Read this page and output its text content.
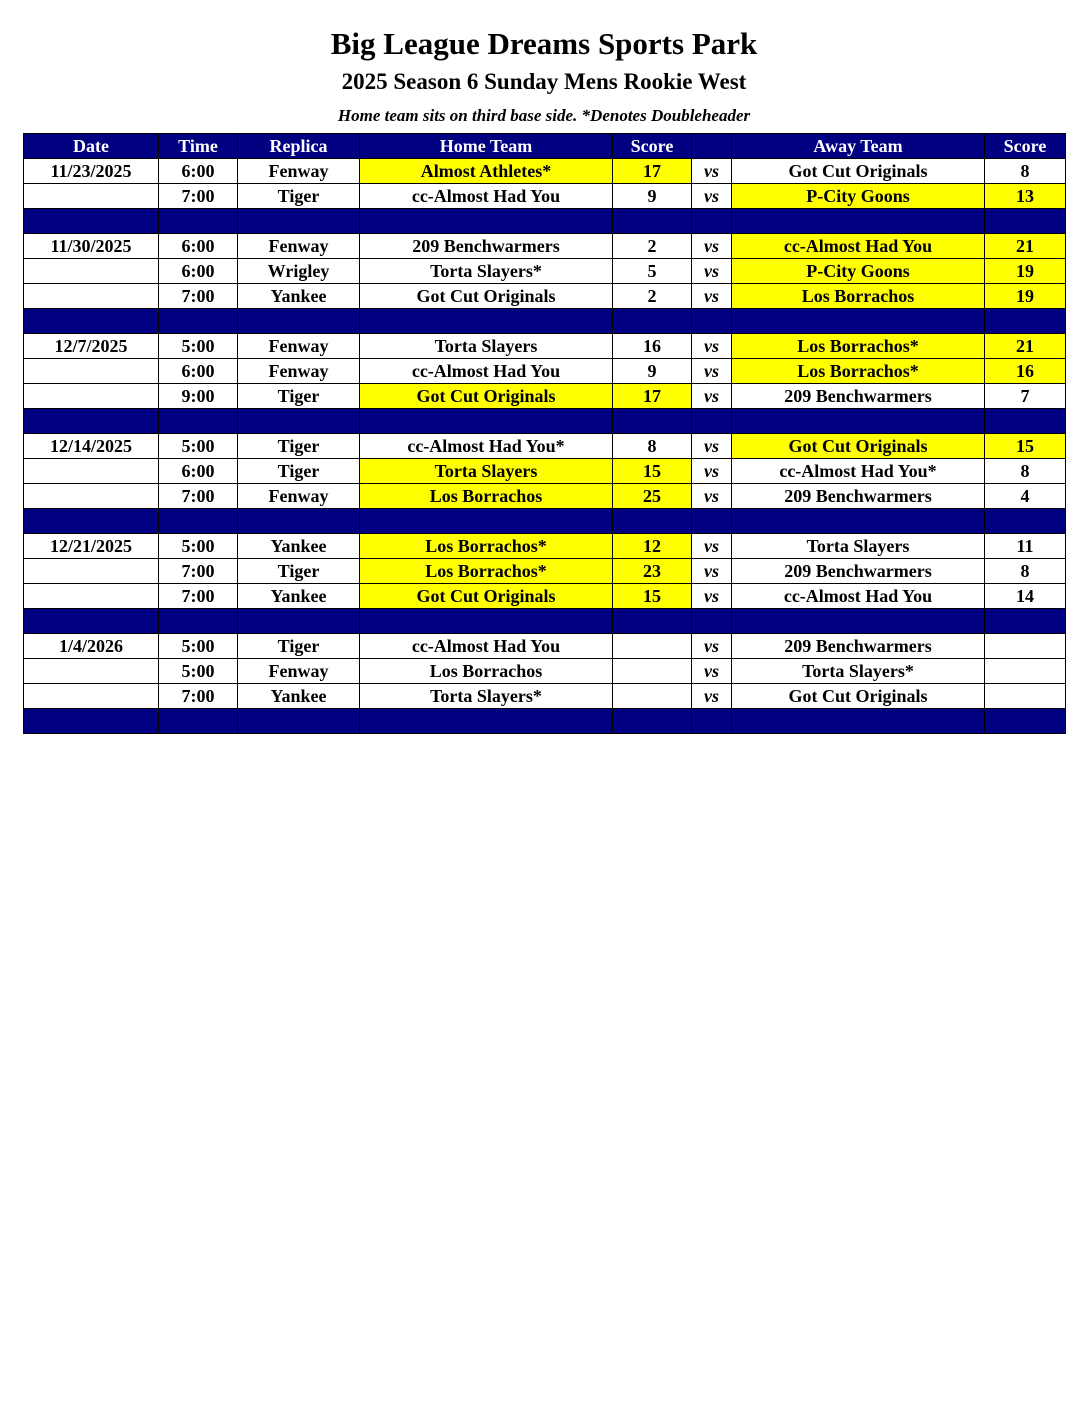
Big League Dreams Sports Park
2025 Season 6 Sunday Mens Rookie West
Home team sits on third base side. *Denotes Doubleheader
Date	Time	Replica	Home Team	Score		Away Team	Score
11/23/2025	6:00	Fenway	Almost Athletes*	17	vs	Got Cut Originals	8
	7:00	Tiger	cc-Almost Had You	9	vs	P-City Goons	13

11/30/2025	6:00	Fenway	209 Benchwarmers	2	vs	cc-Almost Had You	21
	6:00	Wrigley	Torta Slayers*	5	vs	P-City Goons	19
	7:00	Yankee	Got Cut Originals	2	vs	Los Borrachos	19

12/7/2025	5:00	Fenway	Torta Slayers	16	vs	Los Borrachos*	21
	6:00	Fenway	cc-Almost Had You	9	vs	Los Borrachos*	16
	9:00	Tiger	Got Cut Originals	17	vs	209 Benchwarmers	7

12/14/2025	5:00	Tiger	cc-Almost Had You*	8	vs	Got Cut Originals	15
	6:00	Tiger	Torta Slayers	15	vs	cc-Almost Had You*	8
	7:00	Fenway	Los Borrachos	25	vs	209 Benchwarmers	4

12/21/2025	5:00	Yankee	Los Borrachos*	12	vs	Torta Slayers	11
	7:00	Tiger	Los Borrachos*	23	vs	209 Benchwarmers	8
	7:00	Yankee	Got Cut Originals	15	vs	cc-Almost Had You	14

1/4/2026	5:00	Tiger	cc-Almost Had You		vs	209 Benchwarmers	
	5:00	Fenway	Los Borrachos		vs	Torta Slayers*	
	7:00	Yankee	Torta Slayers*		vs	Got Cut Originals	
